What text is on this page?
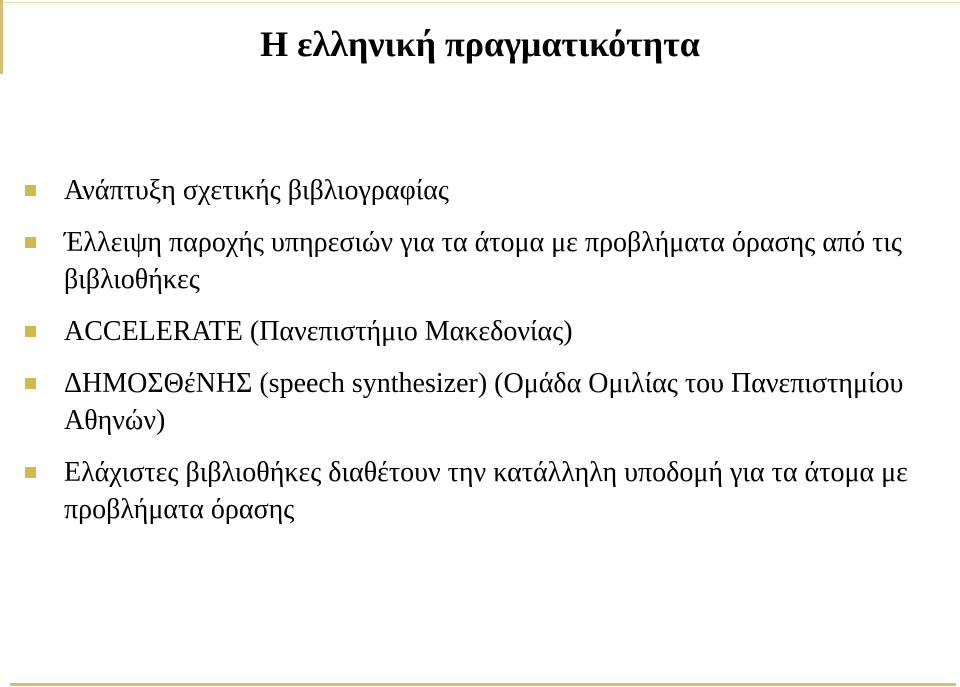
Η ελληνική πραγματικότητα
Ανάπτυξη σχετικής βιβλιογραφίας
Έλλειψη παροχής υπηρεσιών για τα άτομα με προβλήματα όρασης από τις βιβλιοθήκες
ACCELERATE (Πανεπιστήμιο Μακεδονίας)
ΔΗΜΟΣΘέΝΗΣ (speech synthesizer) (Ομάδα Ομιλίας του Πανεπιστημίου Αθηνών)
Ελάχιστες βιβλιοθήκες διαθέτουν την κατάλληλη υποδομή για τα άτομα με προβλήματα όρασης
